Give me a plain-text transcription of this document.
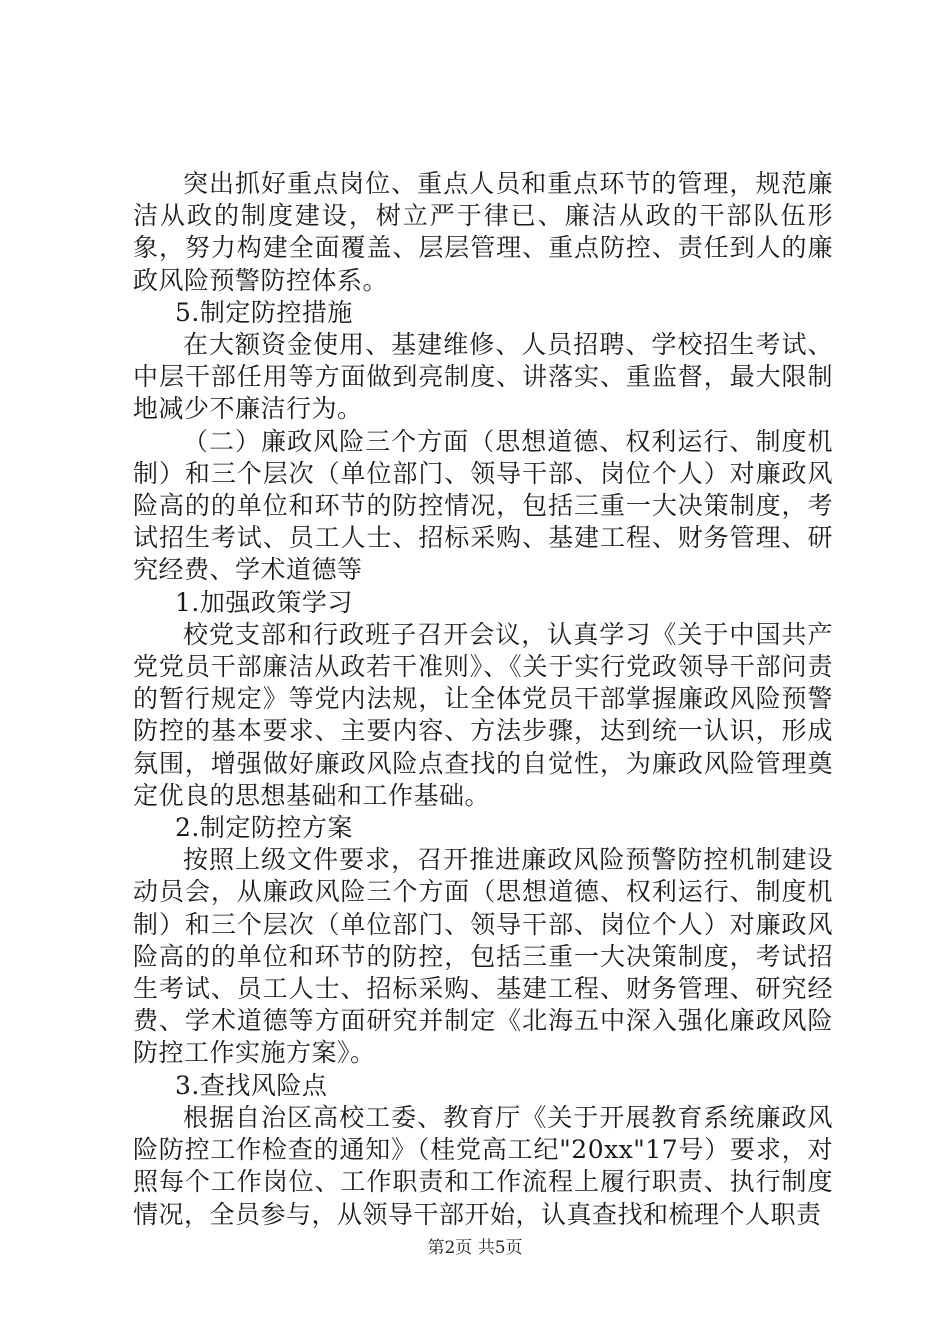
突出抓好重点岗位、重点人员和重点环节的管理，规范廉洁从政的制度建设，树立严于律已、廉洁从政的干部队伍形象，努力构建全面覆盖、层层管理、重点防控、责任到人的廉政风险预警防控体系。

5.制定防控措施

在大额资金使用、基建维修、人员招聘、学校招生考试、中层干部任用等方面做到亮制度、讲落实、重监督，最大限制地减少不廉洁行为。

（二）廉政风险三个方面（思想道德、权利运行、制度机制）和三个层次（单位部门、领导干部、岗位个人）对廉政风险高的的单位和环节的防控情况，包括三重一大决策制度，考试招生考试、员工人士、招标采购、基建工程、财务管理、研究经费、学术道德等

1.加强政策学习

校党支部和行政班子召开会议，认真学习《关于中国共产党党员干部廉洁从政若干准则》、《关于实行党政领导干部问责的暂行规定》等党内法规，让全体党员干部掌握廉政风险预警防控的基本要求、主要内容、方法步骤，达到统一认识，形成氛围，增强做好廉政风险点查找的自觉性，为廉政风险管理奠定优良的思想基础和工作基础。

2.制定防控方案

按照上级文件要求，召开推进廉政风险预警防控机制建设动员会，从廉政风险三个方面（思想道德、权利运行、制度机制）和三个层次（单位部门、领导干部、岗位个人）对廉政风险高的的单位和环节的防控，包括三重一大决策制度，考试招生考试、员工人士、招标采购、基建工程、财务管理、研究经费、学术道德等方面研究并制定《北海五中深入强化廉政风险防控工作实施方案》。

3.查找风险点

根据自治区高校工委、教育厅《关于开展教育系统廉政风险防控工作检查的通知》（桂党高工纪"20xx"17号）要求，对照每个工作岗位、工作职责和工作流程上履行职责、执行制度情况，全员参与，从领导干部开始，认真查找和梳理个人职责

第2页 共5页
